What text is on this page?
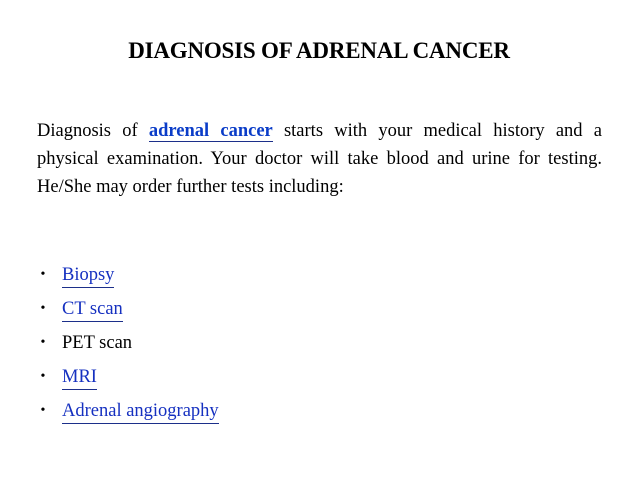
DIAGNOSIS OF ADRENAL CANCER

Diagnosis of adrenal cancer starts with your medical history and a physical examination. Your doctor will take blood and urine for testing. He/She may order further tests including:

• Biopsy
• CT scan
• PET scan
• MRI
• Adrenal angiography
